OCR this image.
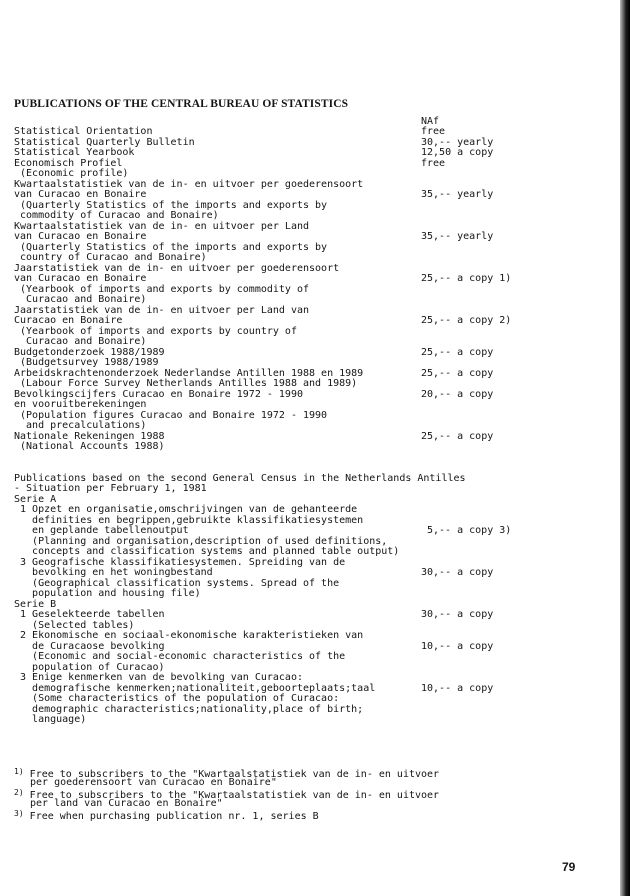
PUBLICATIONS OF THE CENTRAL BUREAU OF STATISTICS

NAf

Statistical Orientation

Statistical Quarterly Bulletin

Statistical Yearbook

Economisch Profiel

(Economic profile)

Kwartaalstatistiek van de in- en uitvoer per goederensoort

van Curacao en Bonaire

(Quarterly Statistics of the imports and exports by

commodity of Curacao and Bonaire)

Kwartaalstatistiek van de in- en uitvoer per Land

van Curacao en Bonaire

(Quarterly Statistics of the imports and exports by

country of Curacao and Bonaire)

Jaarstatistiek van de in- en uitvoer per goederensoort

van Curacao en Bonaire

(Yearbook of imports and exports by commodity of

Curacao and Bonaire)

Jaarstatistiek van de in- en uitvoer per Land van

Curacao en Bonaire

(Yearbook of imports and exports by country of

Curacao and Bonaire)

Budgetonderzoek 1988/1989

(Budgetsurvey 1988/1989

Arbeidskrachtenonderzoek Nederlandse Antillen 1988 en 1989

(Labour Force Survey Netherlands Antilles 1988 and 1989)

Bevolkingscijfers Curacao en Bonaire 1972 - 1990

en vooruitberekeningen

(Population figures Curacao and Bonaire 1972 - 1990

and precalculations)

Nationale Rekeningen 1988

(National Accounts 1988)

free

30,-- yearly

12,50 a copy

free

35,-- yearly

35,-- yearly

25,-- a copy 1)

25,-- a copy 2)

25,-- a copy

25,-- a copy

20,-- a copy

25,-- a copy

Publications based on the second General Census in the Netherlands Antilles

- Situation per February 1, 1981

Serie A

1 Opzet en organisatie,omschrijvingen van de gehanteerde

definities en begrippen,gebruikte klassifikatiesystemen

en geplande tabellenoutput

(Planning and organisation,description of used definitions,

concepts and classification systems and planned table output)

3 Geografische klassifikatiesystemen. Spreiding van de

bevolking en het woningbestand

(Geographical classification systems. Spread of the

population and housing file)

Serie B

1 Geselekteerde tabellen

(Selected tables)

2 Ekonomische en sociaal-ekonomische karakteristieken van

de Curacaose bevolking

(Economic and social-economic characteristics of the

population of Curacao)

3 Enige kenmerken van de bevolking van Curacao:

demografische kenmerken;nationaliteit,geboorteplaats;taal

(Some characteristics of the population of Curacao:

demographic characteristics;nationality,place of birth;

language)

5,-- a copy 3)

30,-- a copy

30,-- a copy

10,-- a copy

10,-- a copy

$^{1)}$ Free to subscribers to the "Kwartaalstatistiek van de in- en uitvoer

per goederensoort van Curacao en Bonaire"

$^{2)}$ Free to subscribers to the "Kwartaalstatistiek van de in- en uitvoer

per land van Curacao en Bonaire"

$^{3)}$ Free when purchasing publication nr. 1, series B

79
